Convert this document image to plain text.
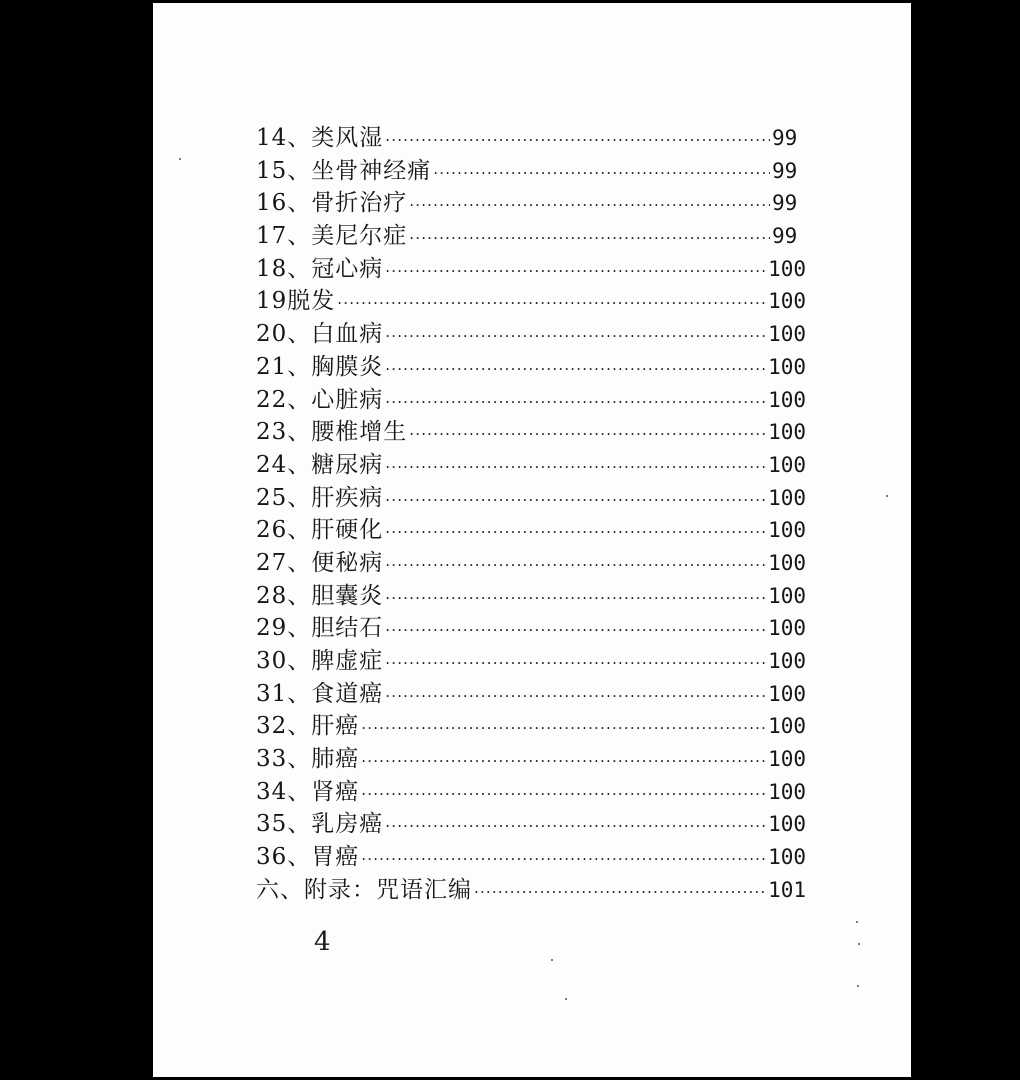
14、类风湿 ·····	99
15、坐骨神经痛 ·····	99
16、骨折治疗 ·····	99
17、美尼尔症 ·····	99
18、冠心病 ·····	100
19脱发 ·····	100
20、白血病 ·····	100
21、胸膜炎 ·····	100
22、心脏病 ·····	100
23、腰椎增生 ·····	100
24、糖尿病 ·····	100
25、肝疾病 ·····	100
26、肝硬化 ·····	100
27、便秘病 ·····	100
28、胆囊炎 ·····	100
29、胆结石 ·····	100
30、脾虚症 ·····	100
31、食道癌 ·····	100
32、肝癌 ·····	100
33、肺癌 ·····	100
34、肾癌 ·····	100
35、乳房癌 ·····	100
36、胃癌 ·····	100
六、附录：咒语汇编 ·····	101
4
